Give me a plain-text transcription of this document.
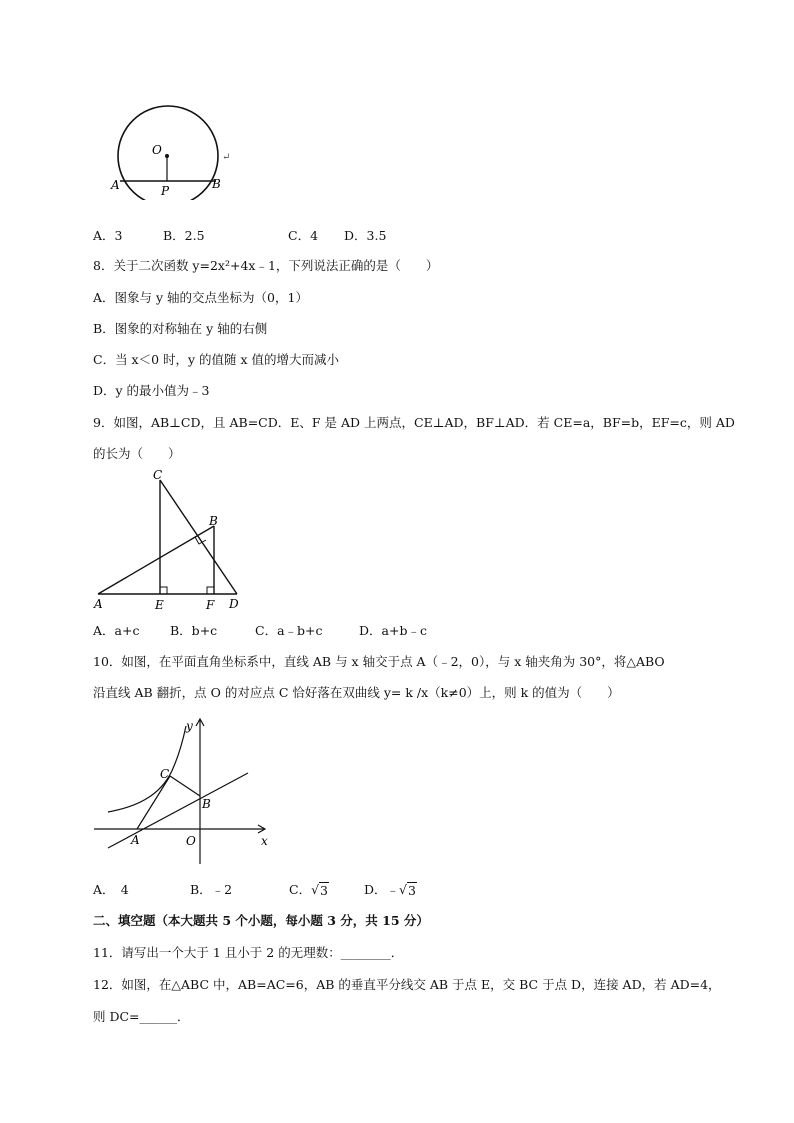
O
A	P	B
↵
A．3	B．2.5	C．4 D．3.5
8．关于二次函数 y=2x²+4x﹣1，下列说法正确的是（　　）
A．图象与 y 轴的交点坐标为（0，1）
B．图象的对称轴在 y 轴的右侧
C．当 x＜0 时，y 的值随 x 值的增大而减小
D．y 的最小值为﹣3
9．如图，AB⊥CD，且 AB=CD．E、F 是 AD 上两点，CE⊥AD，BF⊥AD．若 CE=a，BF=b，EF=c，则 AD
的长为（　　）
C
B
A	E	F D
A．a+c B．b+c	C．a﹣b+c	D．a+b﹣c
10．如图，在平面直角坐标系中，直线 AB 与 x 轴交于点 A（﹣2，0），与 x 轴夹角为 30°，将△ABO
沿直线 AB 翻折，点 O 的对应点 C 恰好落在双曲线 y= k /x（k≠0）上，则 k 的值为（　　）
y
x
C
B
A	O
A．　4	B．﹣2	C．√ 3	D．﹣√ 3
二、填空题（本大题共 5 个小题，每小题 3 分，共 15 分）
11．请写出一个大于 1 且小于 2 的无理数：________．
12．如图，在△ABC 中，AB=AC=6，AB 的垂直平分线交 AB 于点 E，交 BC 于点 D，连接 AD，若 AD=4，
则 DC=______．
